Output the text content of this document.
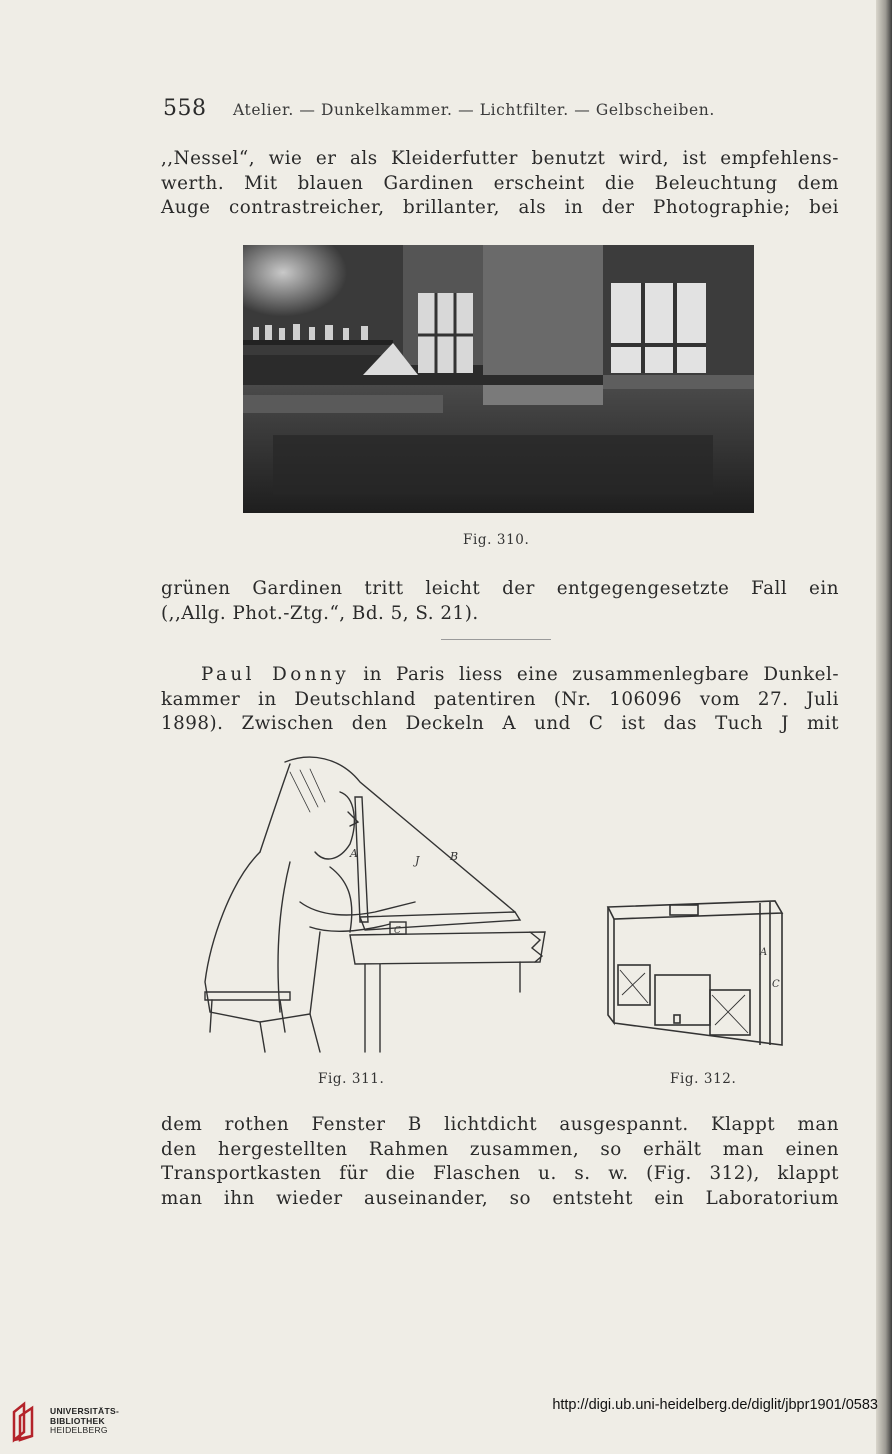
558 Atelier. — Dunkelkammer. — Lichtfilter. — Gelbscheiben.
,,Nessel“, wie er als Kleiderfutter benutzt wird, ist empfehlens-
werth. Mit blauen Gardinen erscheint die Beleuchtung dem
Auge contrastreicher, brillanter, als in der Photographie; bei
Fig. 310.
grünen Gardinen tritt leicht der entgegengesetzte Fall ein
(,,Allg. Phot.-Ztg.“, Bd. 5, S. 21).
Paul Donny in Paris liess eine zusammenlegbare Dunkel-
kammer in Deutschland patentiren (Nr. 106096 vom 27. Juli
1898). Zwischen den Deckeln A und C ist das Tuch J mit
A
J	B
C
A
C
Fig. 311.	Fig. 312.
dem rothen Fenster B lichtdicht ausgespannt. Klappt man
den hergestellten Rahmen zusammen, so erhält man einen
Transportkasten für die Flaschen u. s. w. (Fig. 312), klappt
man ihn wieder auseinander, so entsteht ein Laboratorium
UNIVERSITÄTS-
BIBLIOTHEK
HEIDELBERG
http://digi.ub.uni-heidelberg.de/diglit/jbpr1901/0583
